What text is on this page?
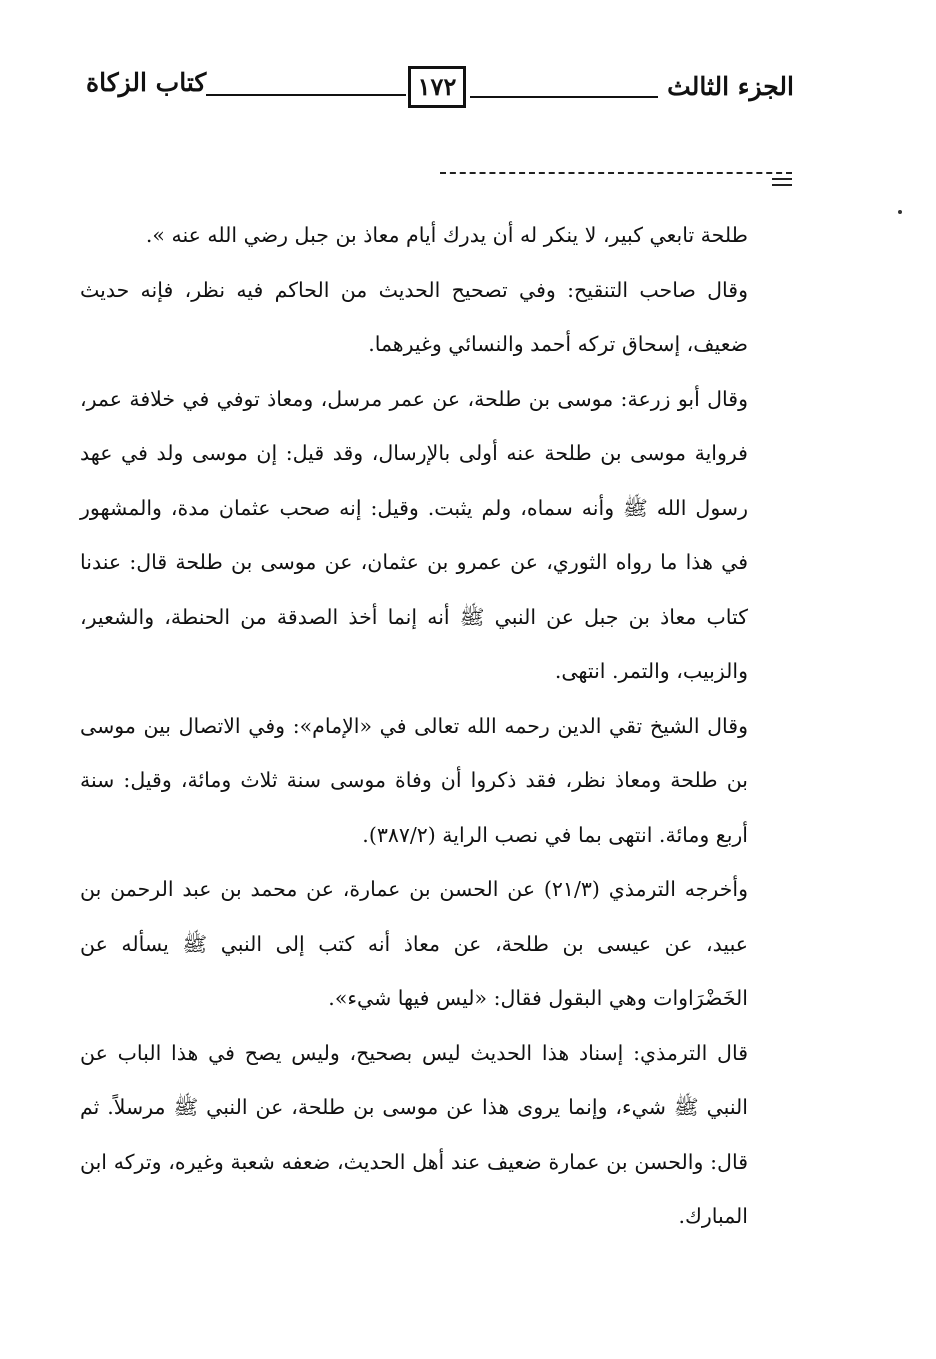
الجزء الثالث
١٧٢
كتاب الزكاة

طلحة تابعي كبير، لا ينكر له أن يدرك أيام معاذ بن جبل رضي الله عنه ».

وقال صاحب التنقيح: وفي تصحيح الحديث من الحاكم فيه نظر، فإنه حديث ضعيف، إسحاق تركه أحمد والنسائي وغيرهما.

وقال أبو زرعة: موسى بن طلحة، عن عمر مرسل، ومعاذ توفي في خلافة عمر، فرواية موسى بن طلحة عنه أولى بالإرسال، وقد قيل: إن موسى ولد في عهد رسول الله ﷺ وأنه سماه، ولم يثبت. وقيل: إنه صحب عثمان مدة، والمشهور في هذا ما رواه الثوري، عن عمرو بن عثمان، عن موسى بن طلحة قال: عندنا كتاب معاذ بن جبل عن النبي ﷺ أنه إنما أخذ الصدقة من الحنطة، والشعير، والزبيب، والتمر. انتهى.

وقال الشيخ تقي الدين رحمه الله تعالى في «الإمام»: وفي الاتصال بين موسى بن طلحة ومعاذ نظر، فقد ذكروا أن وفاة موسى سنة ثلاث ومائة، وقيل: سنة أربع ومائة. انتهى بما في نصب الراية (٣٨٧/٢).

وأخرجه الترمذي (٢١/٣) عن الحسن بن عمارة، عن محمد بن عبد الرحمن بن عبيد، عن عيسى بن طلحة، عن معاذ أنه كتب إلى النبي ﷺ يسأله عن الخَضْرَاوات وهي البقول فقال: «ليس فيها شيء».

قال الترمذي: إسناد هذا الحديث ليس بصحيح، وليس يصح في هذا الباب عن النبي ﷺ شيء، وإنما يروى هذا عن موسى بن طلحة، عن النبي ﷺ مرسلاً. ثم قال: والحسن بن عمارة ضعيف عند أهل الحديث، ضعفه شعبة وغيره، وتركه ابن المبارك.
